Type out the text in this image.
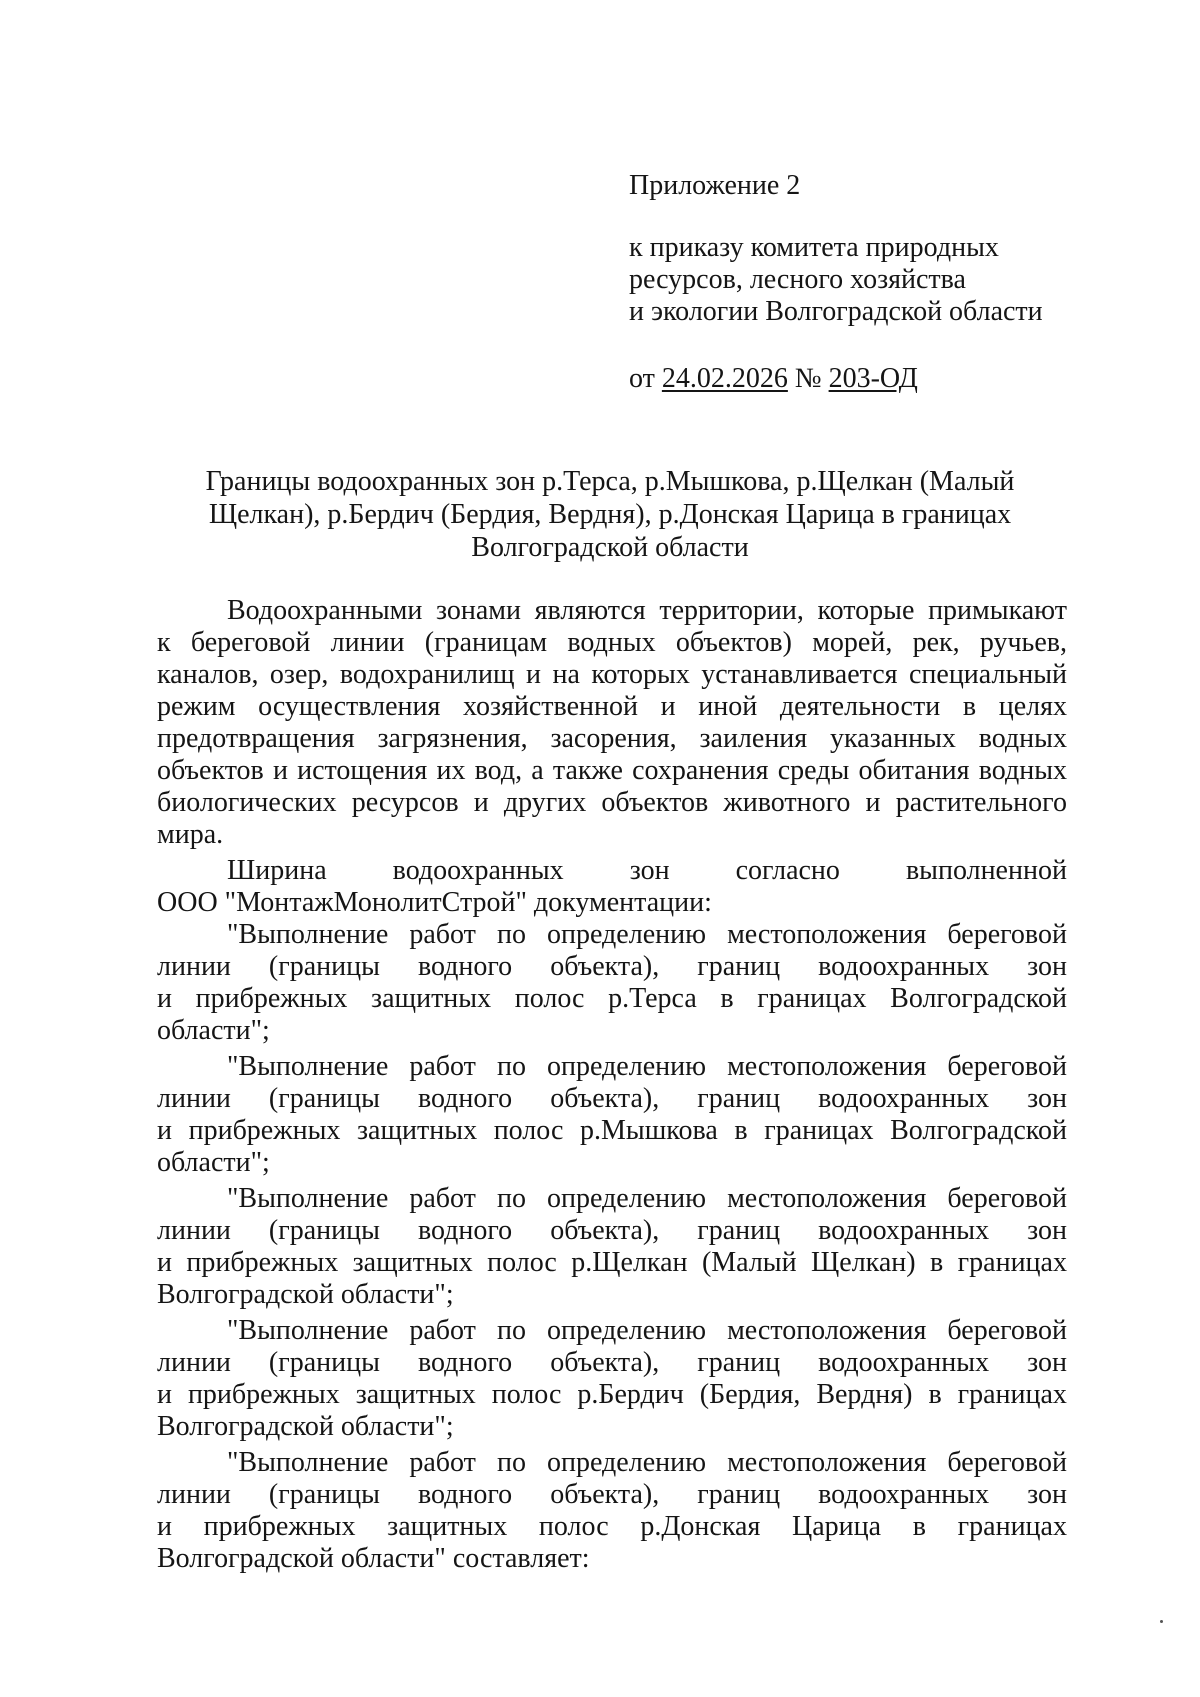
Приложение 2
к приказу комитета природных
ресурсов, лесного хозяйства
и экологии Волгоградской области
от 24.02.2026 № 203-ОД
Границы водоохранных зон р.Терса, р.Мышкова, р.Щелкан (Малый
Щелкан), р.Бердич (Бердия, Вердня), р.Донская Царица в границах
Волгоградской области
Водоохранными зонами являются территории, которые примыкают
к береговой линии (границам водных объектов) морей, рек, ручьев,
каналов, озер, водохранилищ и на которых устанавливается специальный
режим осуществления хозяйственной и иной деятельности в целях
предотвращения загрязнения, засорения, заиления указанных водных
объектов и истощения их вод, а также сохранения среды обитания водных
биологических ресурсов и других объектов животного и растительного
мира.
Ширина водоохранных зон согласно выполненной
ООО "МонтажМонолитСтрой" документации:
"Выполнение работ по определению местоположения береговой
линии (границы водного объекта), границ водоохранных зон
и прибрежных защитных полос р.Терса в границах Волгоградской
области";
"Выполнение работ по определению местоположения береговой
линии (границы водного объекта), границ водоохранных зон
и прибрежных защитных полос р.Мышкова в границах Волгоградской
области";
"Выполнение работ по определению местоположения береговой
линии (границы водного объекта), границ водоохранных зон
и прибрежных защитных полос р.Щелкан (Малый Щелкан) в границах
Волгоградской области";
"Выполнение работ по определению местоположения береговой
линии (границы водного объекта), границ водоохранных зон
и прибрежных защитных полос р.Бердич (Бердия, Вердня) в границах
Волгоградской области";
"Выполнение работ по определению местоположения береговой
линии (границы водного объекта), границ водоохранных зон
и прибрежных защитных полос р.Донская Царица в границах
Волгоградской области" составляет:
